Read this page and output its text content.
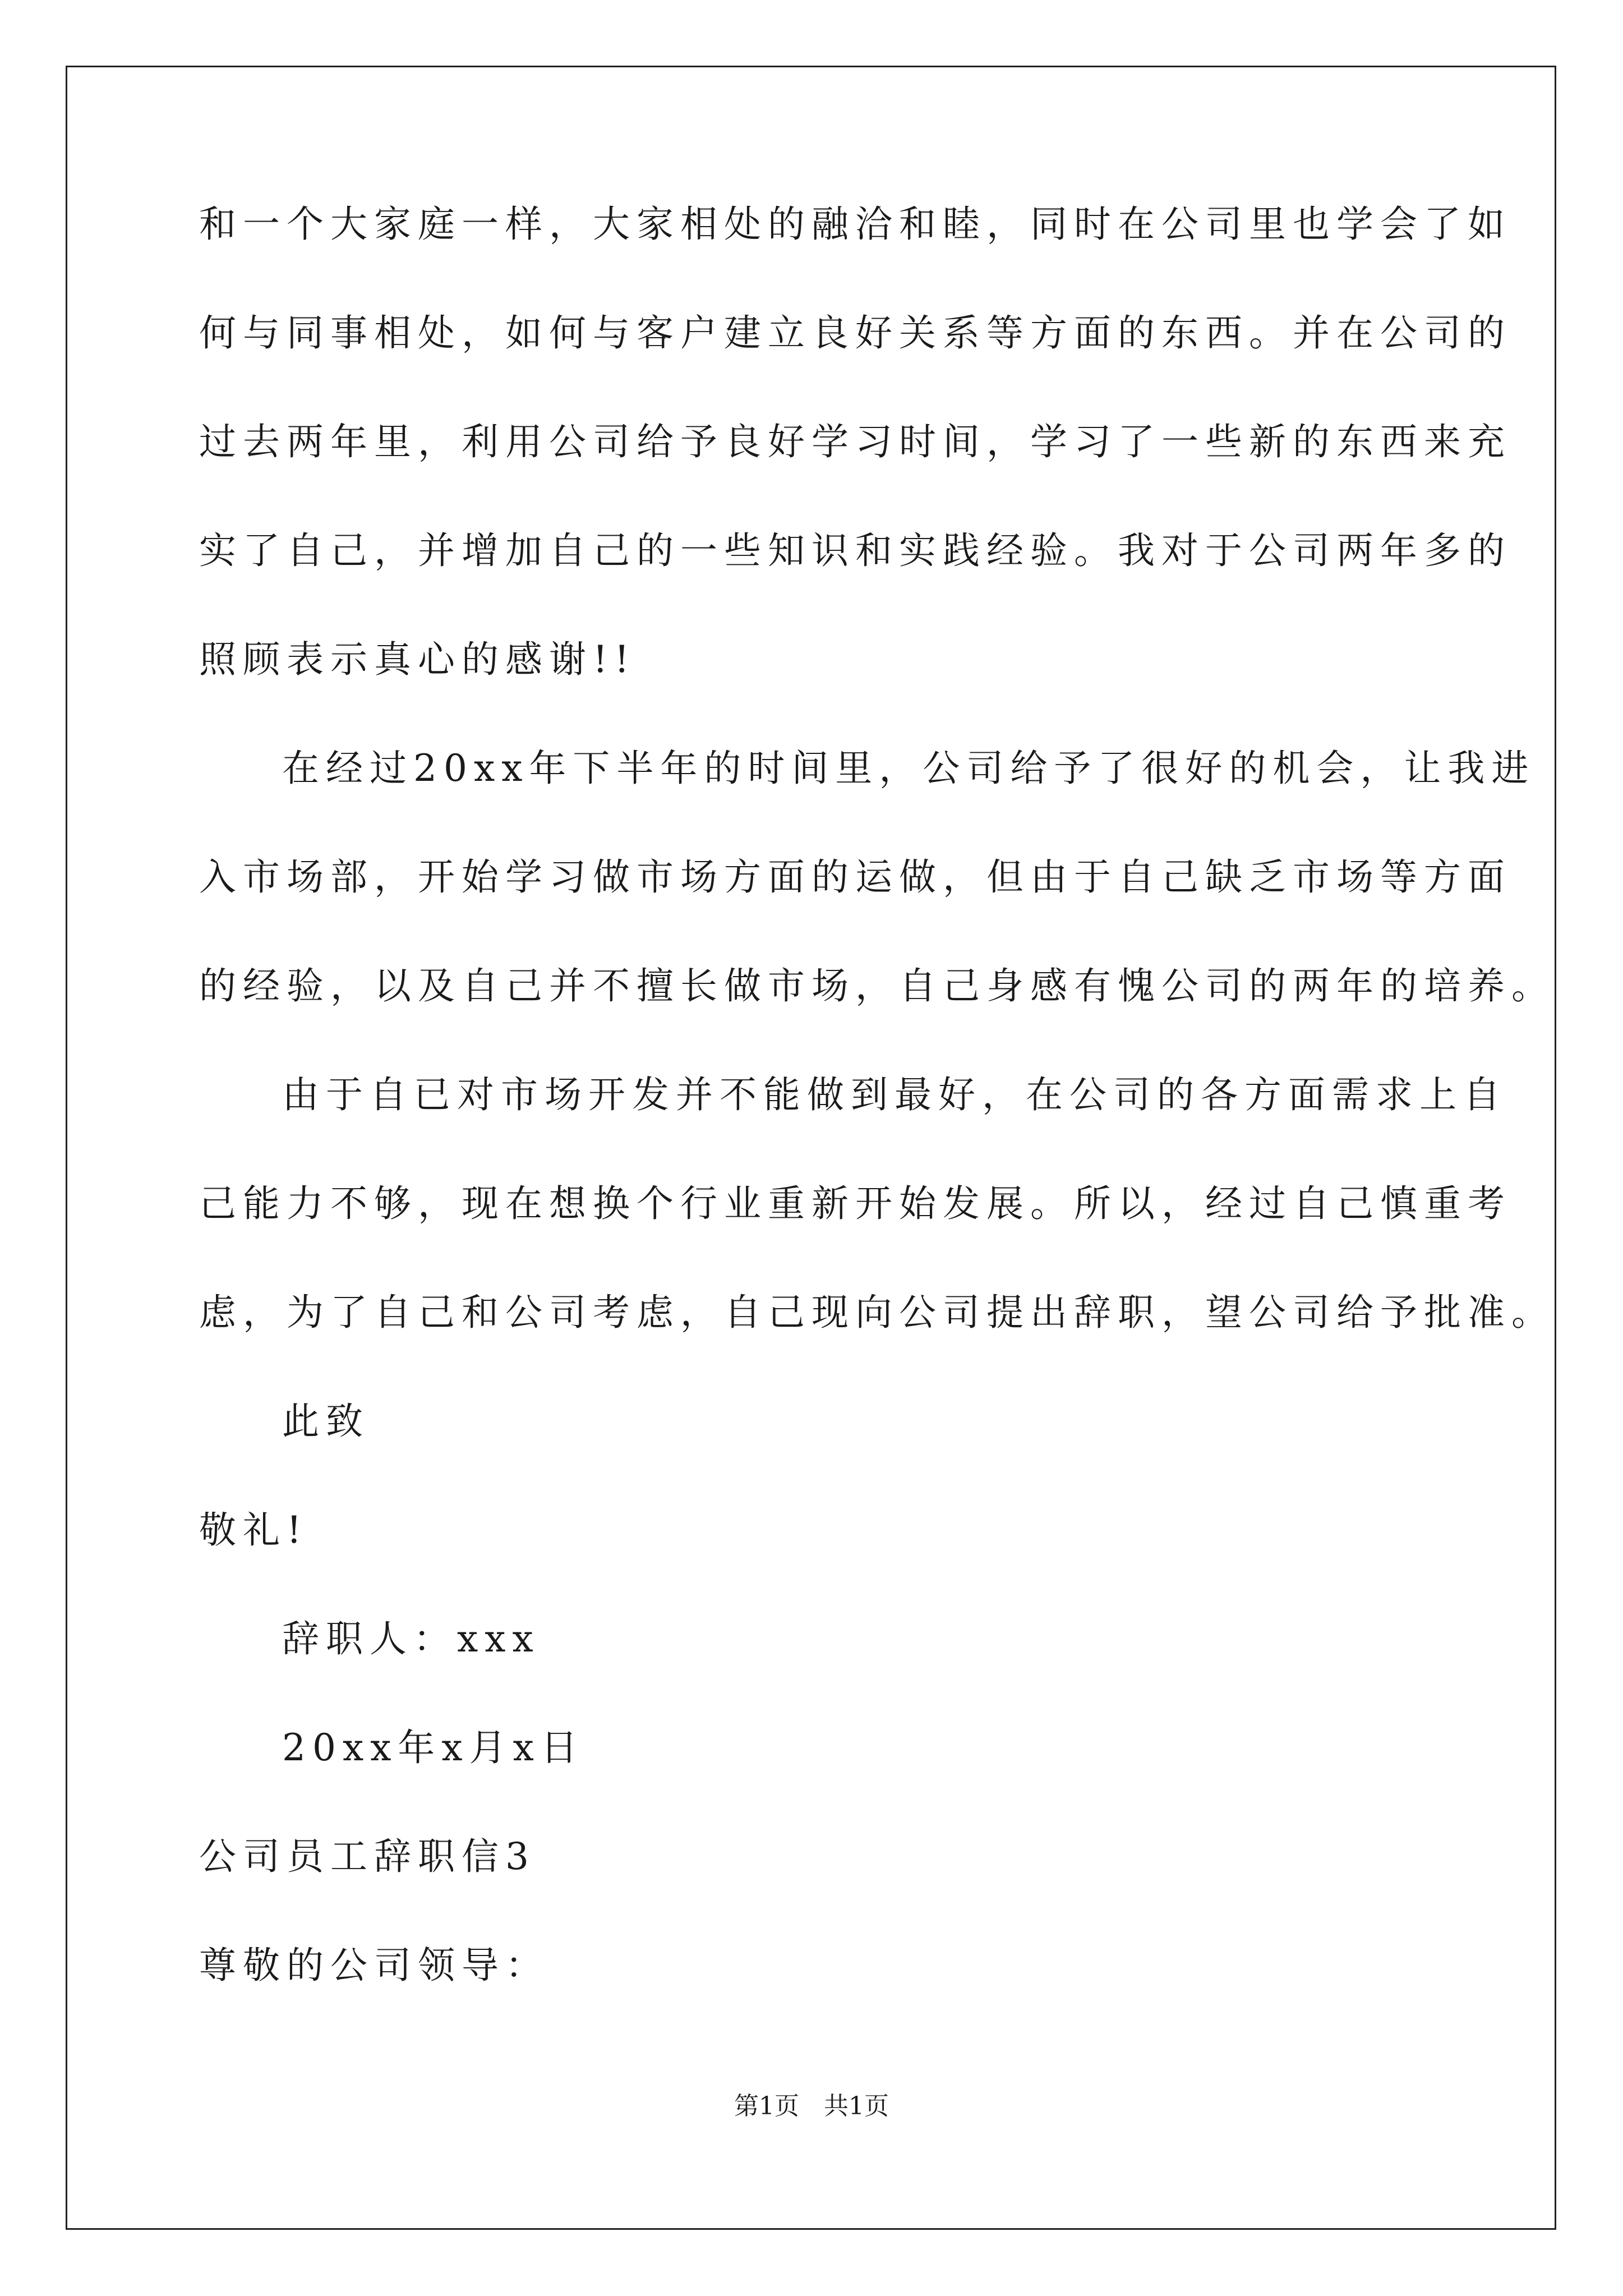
和一个大家庭一样，大家相处的融洽和睦，同时在公司里也学会了如
何与同事相处，如何与客户建立良好关系等方面的东西。并在公司的
过去两年里，利用公司给予良好学习时间，学习了一些新的东西来充
实了自己，并增加自己的一些知识和实践经验。我对于公司两年多的
照顾表示真心的感谢!!
在经过20xx年下半年的时间里，公司给予了很好的机会，让我进
入市场部，开始学习做市场方面的运做，但由于自己缺乏市场等方面
的经验，以及自己并不擅长做市场，自己身感有愧公司的两年的培养。
由于自已对市场开发并不能做到最好，在公司的各方面需求上自
己能力不够，现在想换个行业重新开始发展。所以，经过自己慎重考
虑，为了自己和公司考虑，自己现向公司提出辞职，望公司给予批准。
此致
敬礼!
辞职人：xxx
20xx年x月x日
公司员工辞职信3
尊敬的公司领导：
第1页　共1页
